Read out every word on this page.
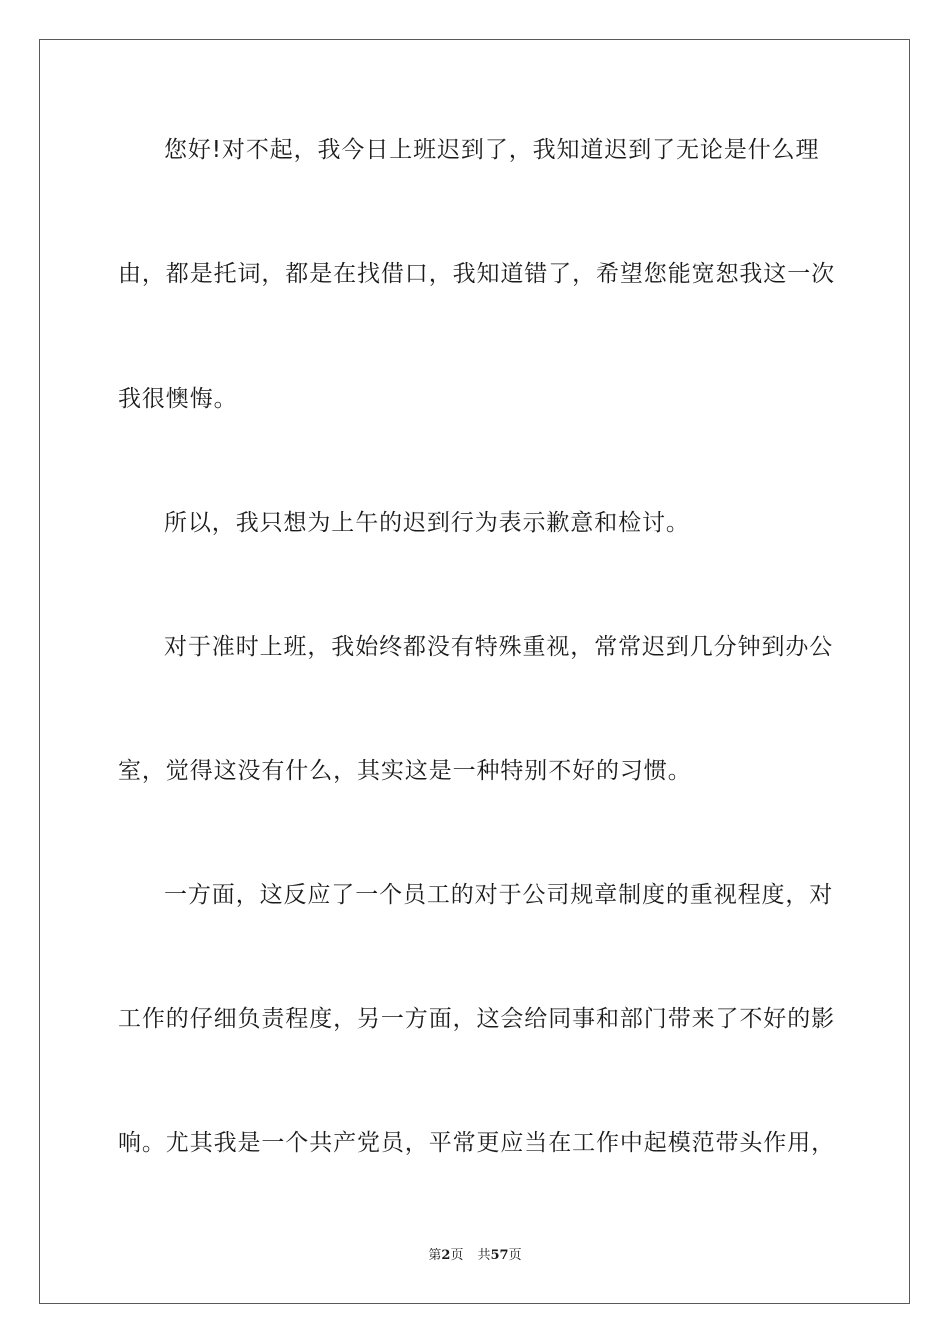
您好!对不起，我今日上班迟到了，我知道迟到了无论是什么理
由，都是托词，都是在找借口，我知道错了，希望您能宽恕我这一次
我很懊悔。
所以，我只想为上午的迟到行为表示歉意和检讨。
对于准时上班，我始终都没有特殊重视，常常迟到几分钟到办公
室，觉得这没有什么，其实这是一种特别不好的习惯。
一方面，这反应了一个员工的对于公司规章制度的重视程度，对
工作的仔细负责程度，另一方面，这会给同事和部门带来了不好的影
响。尤其我是一个共产党员，平常更应当在工作中起模范带头作用，
第2页 共57页
